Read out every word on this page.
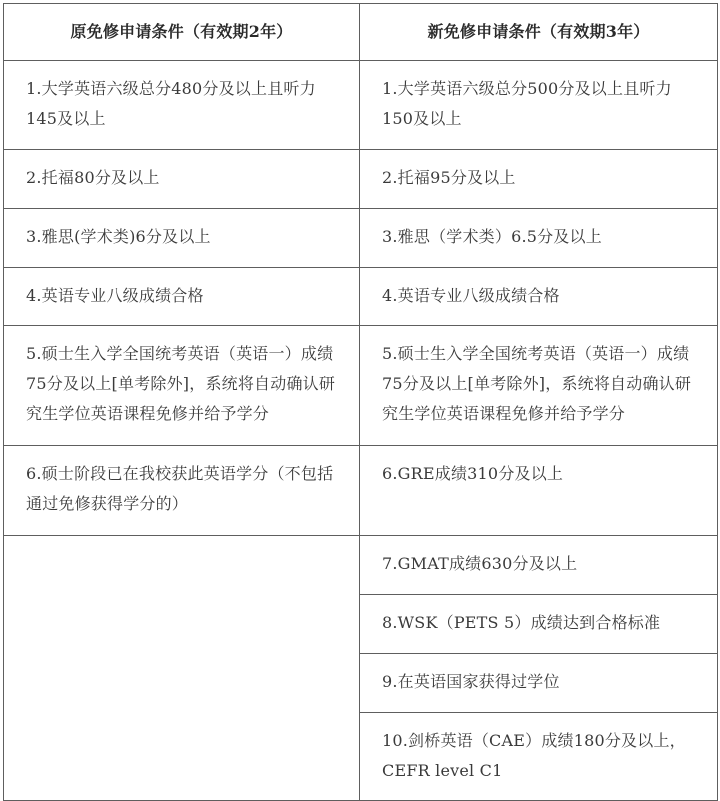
原免修申请条件（有效期2年）	新免修申请条件（有效期3年）

1.大学英语六级总分480分及以上且听力145及以上	1.大学英语六级总分500分及以上且听力150及以上

2.托福80分及以上	2.托福95分及以上

3.雅思(学术类)6分及以上	3.雅思（学术类）6.5分及以上

4.英语专业八级成绩合格	4.英语专业八级成绩合格

5.硕士生入学全国统考英语（英语一）成绩75分及以上[单考除外]，系统将自动确认研究生学位英语课程免修并给予学分	5.硕士生入学全国统考英语（英语一）成绩75分及以上[单考除外]，系统将自动确认研究生学位英语课程免修并给予学分

6.硕士阶段已在我校获此英语学分（不包括通过免修获得学分的）	6.GRE成绩310分及以上

	7.GMAT成绩630分及以上

	8.WSK（PETS 5）成绩达到合格标准

	9.在英语国家获得过学位

	10.剑桥英语（CAE）成绩180分及以上，CEFR level C1
